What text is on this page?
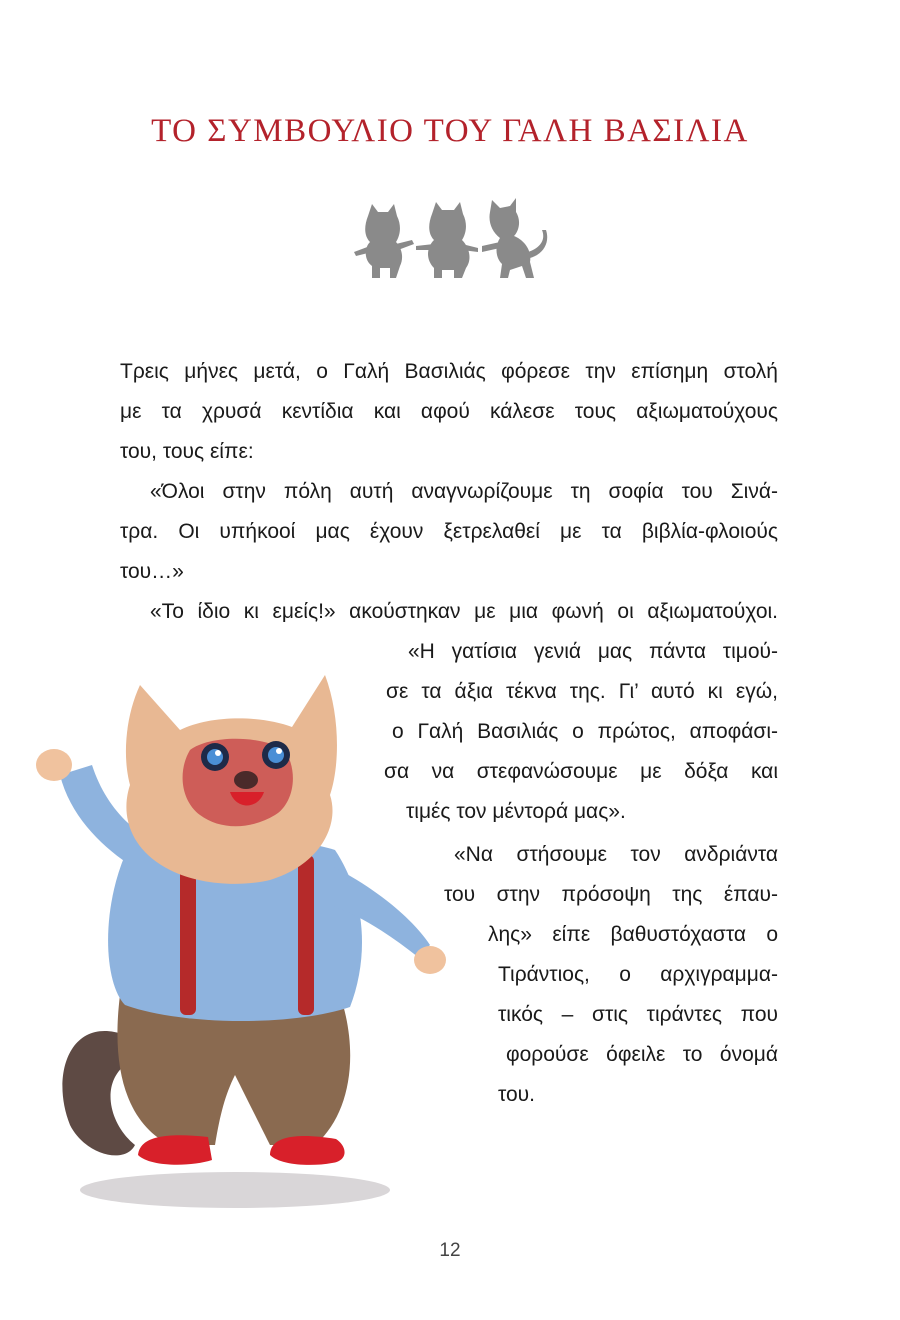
ΤΟ ΣΥΜΒΟΥΛΙΟ ΤΟΥ ΓΑΛΗ ΒΑΣΙΛΙΑ
Τρεις μήνες μετά, ο Γαλή Βασιλιάς φόρεσε την επίσημη στολή
με τα χρυσά κεντίδια και αφού κάλεσε τους αξιωματούχους
του, τους είπε:
«Όλοι στην πόλη αυτή αναγνωρίζουμε τη σοφία του Σινά-
τρα. Οι υπήκοοί μας έχουν ξετρελαθεί με τα βιβλία-φλοιούς
του…»
«Το ίδιο κι εμείς!» ακούστηκαν με μια φωνή οι αξιωματούχοι.
«Η γατίσια γενιά μας πάντα τιμού-
σε τα άξια τέκνα της. Γι’ αυτό κι εγώ,
ο Γαλή Βασιλιάς ο πρώτος, αποφάσι-
σα να στεφανώσουμε με δόξα και
τιμές τον μέντορά μας».
«Να στήσουμε τον ανδριάντα
του στην πρόσοψη της έπαυ-
λης» είπε βαθυστόχαστα ο
Τιράντιος, ο αρχιγραμμα-
τικός – στις τιράντες που
φορούσε όφειλε το όνομά
του.
12
